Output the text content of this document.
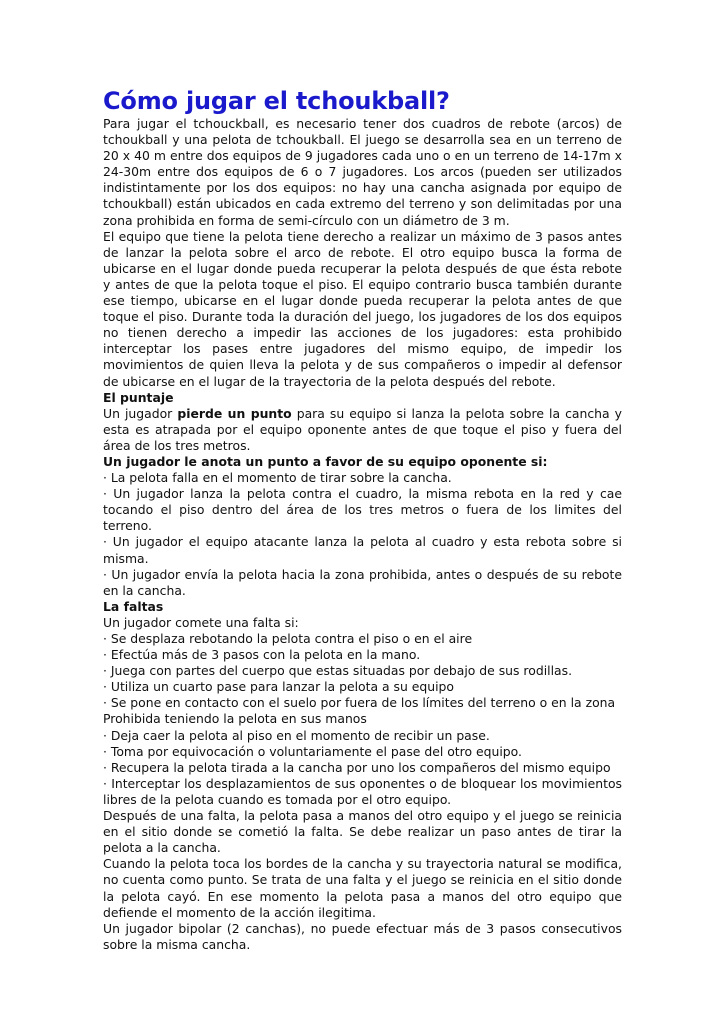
Cómo jugar el tchoukball?

Para jugar el tchouckball, es necesario tener dos cuadros de rebote (arcos) de tchoukball y una pelota de tchoukball. El juego se desarrolla sea en un terreno de 20 x 40 m entre dos equipos de 9 jugadores cada uno o en un terreno de 14-17m x 24-30m entre dos equipos de 6 o 7 jugadores. Los arcos (pueden ser utilizados indistintamente por los dos equipos: no hay una cancha asignada por equipo de tchoukball) están ubicados en cada extremo del terreno y son delimitadas por una zona prohibida en forma de semi-círculo con un diámetro de 3 m.

El equipo que tiene la pelota tiene derecho a realizar un máximo de 3 pasos antes de lanzar la pelota sobre el arco de rebote. El otro equipo busca la forma de ubicarse en el lugar donde pueda recuperar la pelota después de que ésta rebote y antes de que la pelota toque el piso. El equipo contrario busca también durante ese tiempo, ubicarse en el lugar donde pueda recuperar la pelota antes de que toque el piso. Durante toda la duración del juego, los jugadores de los dos equipos no tienen derecho a impedir las acciones de los jugadores: esta prohibido interceptar los pases entre jugadores del mismo equipo, de impedir los movimientos de quien lleva la pelota y de sus compañeros o impedir al defensor de ubicarse en el lugar de la trayectoria de la pelota después del rebote.

El puntaje

Un jugador pierde un punto para su equipo si lanza la pelota sobre la cancha y esta es atrapada por el equipo oponente antes de que toque el piso y fuera del área de los tres metros.

Un jugador le anota un punto a favor de su equipo oponente si:

· La pelota falla en el momento de tirar sobre la cancha.

· Un jugador lanza la pelota contra el cuadro, la misma rebota en la red y cae tocando el piso dentro del área de los tres metros o fuera de los limites del terreno.

· Un jugador el equipo atacante lanza la pelota al cuadro y esta rebota sobre si misma.

· Un jugador envía la pelota hacia la zona prohibida, antes o después de su rebote en la cancha.

La faltas

Un jugador comete una falta si:

· Se desplaza rebotando la pelota contra el piso o en el aire

· Efectúa más de 3 pasos con la pelota en la mano.

· Juega con partes del cuerpo que estas situadas por debajo de sus rodillas.

· Utiliza un cuarto pase para lanzar la pelota a su equipo

· Se pone en contacto con el suelo por fuera de los límites del terreno o en la zona

Prohibida teniendo la pelota en sus manos

· Deja caer la pelota al piso en el momento de recibir un pase.

· Toma por equivocación o voluntariamente el pase del otro equipo.

· Recupera la pelota tirada a la cancha por uno los compañeros del mismo equipo

· Interceptar los desplazamientos de sus oponentes o de bloquear los movimientos libres de la pelota cuando es tomada por el otro equipo.

Después de una falta, la pelota pasa a manos del otro equipo y el juego se reinicia en el sitio donde se cometió la falta. Se debe realizar un paso antes de tirar la pelota a la cancha.

Cuando la pelota toca los bordes de la cancha y su trayectoria natural se modifica, no cuenta como punto. Se trata de una falta y el juego se reinicia en el sitio donde la pelota cayó. En ese momento la pelota pasa a manos del otro equipo que defiende el momento de la acción ilegitima.

Un jugador bipolar (2 canchas), no puede efectuar más de 3 pasos consecutivos sobre la misma cancha.
